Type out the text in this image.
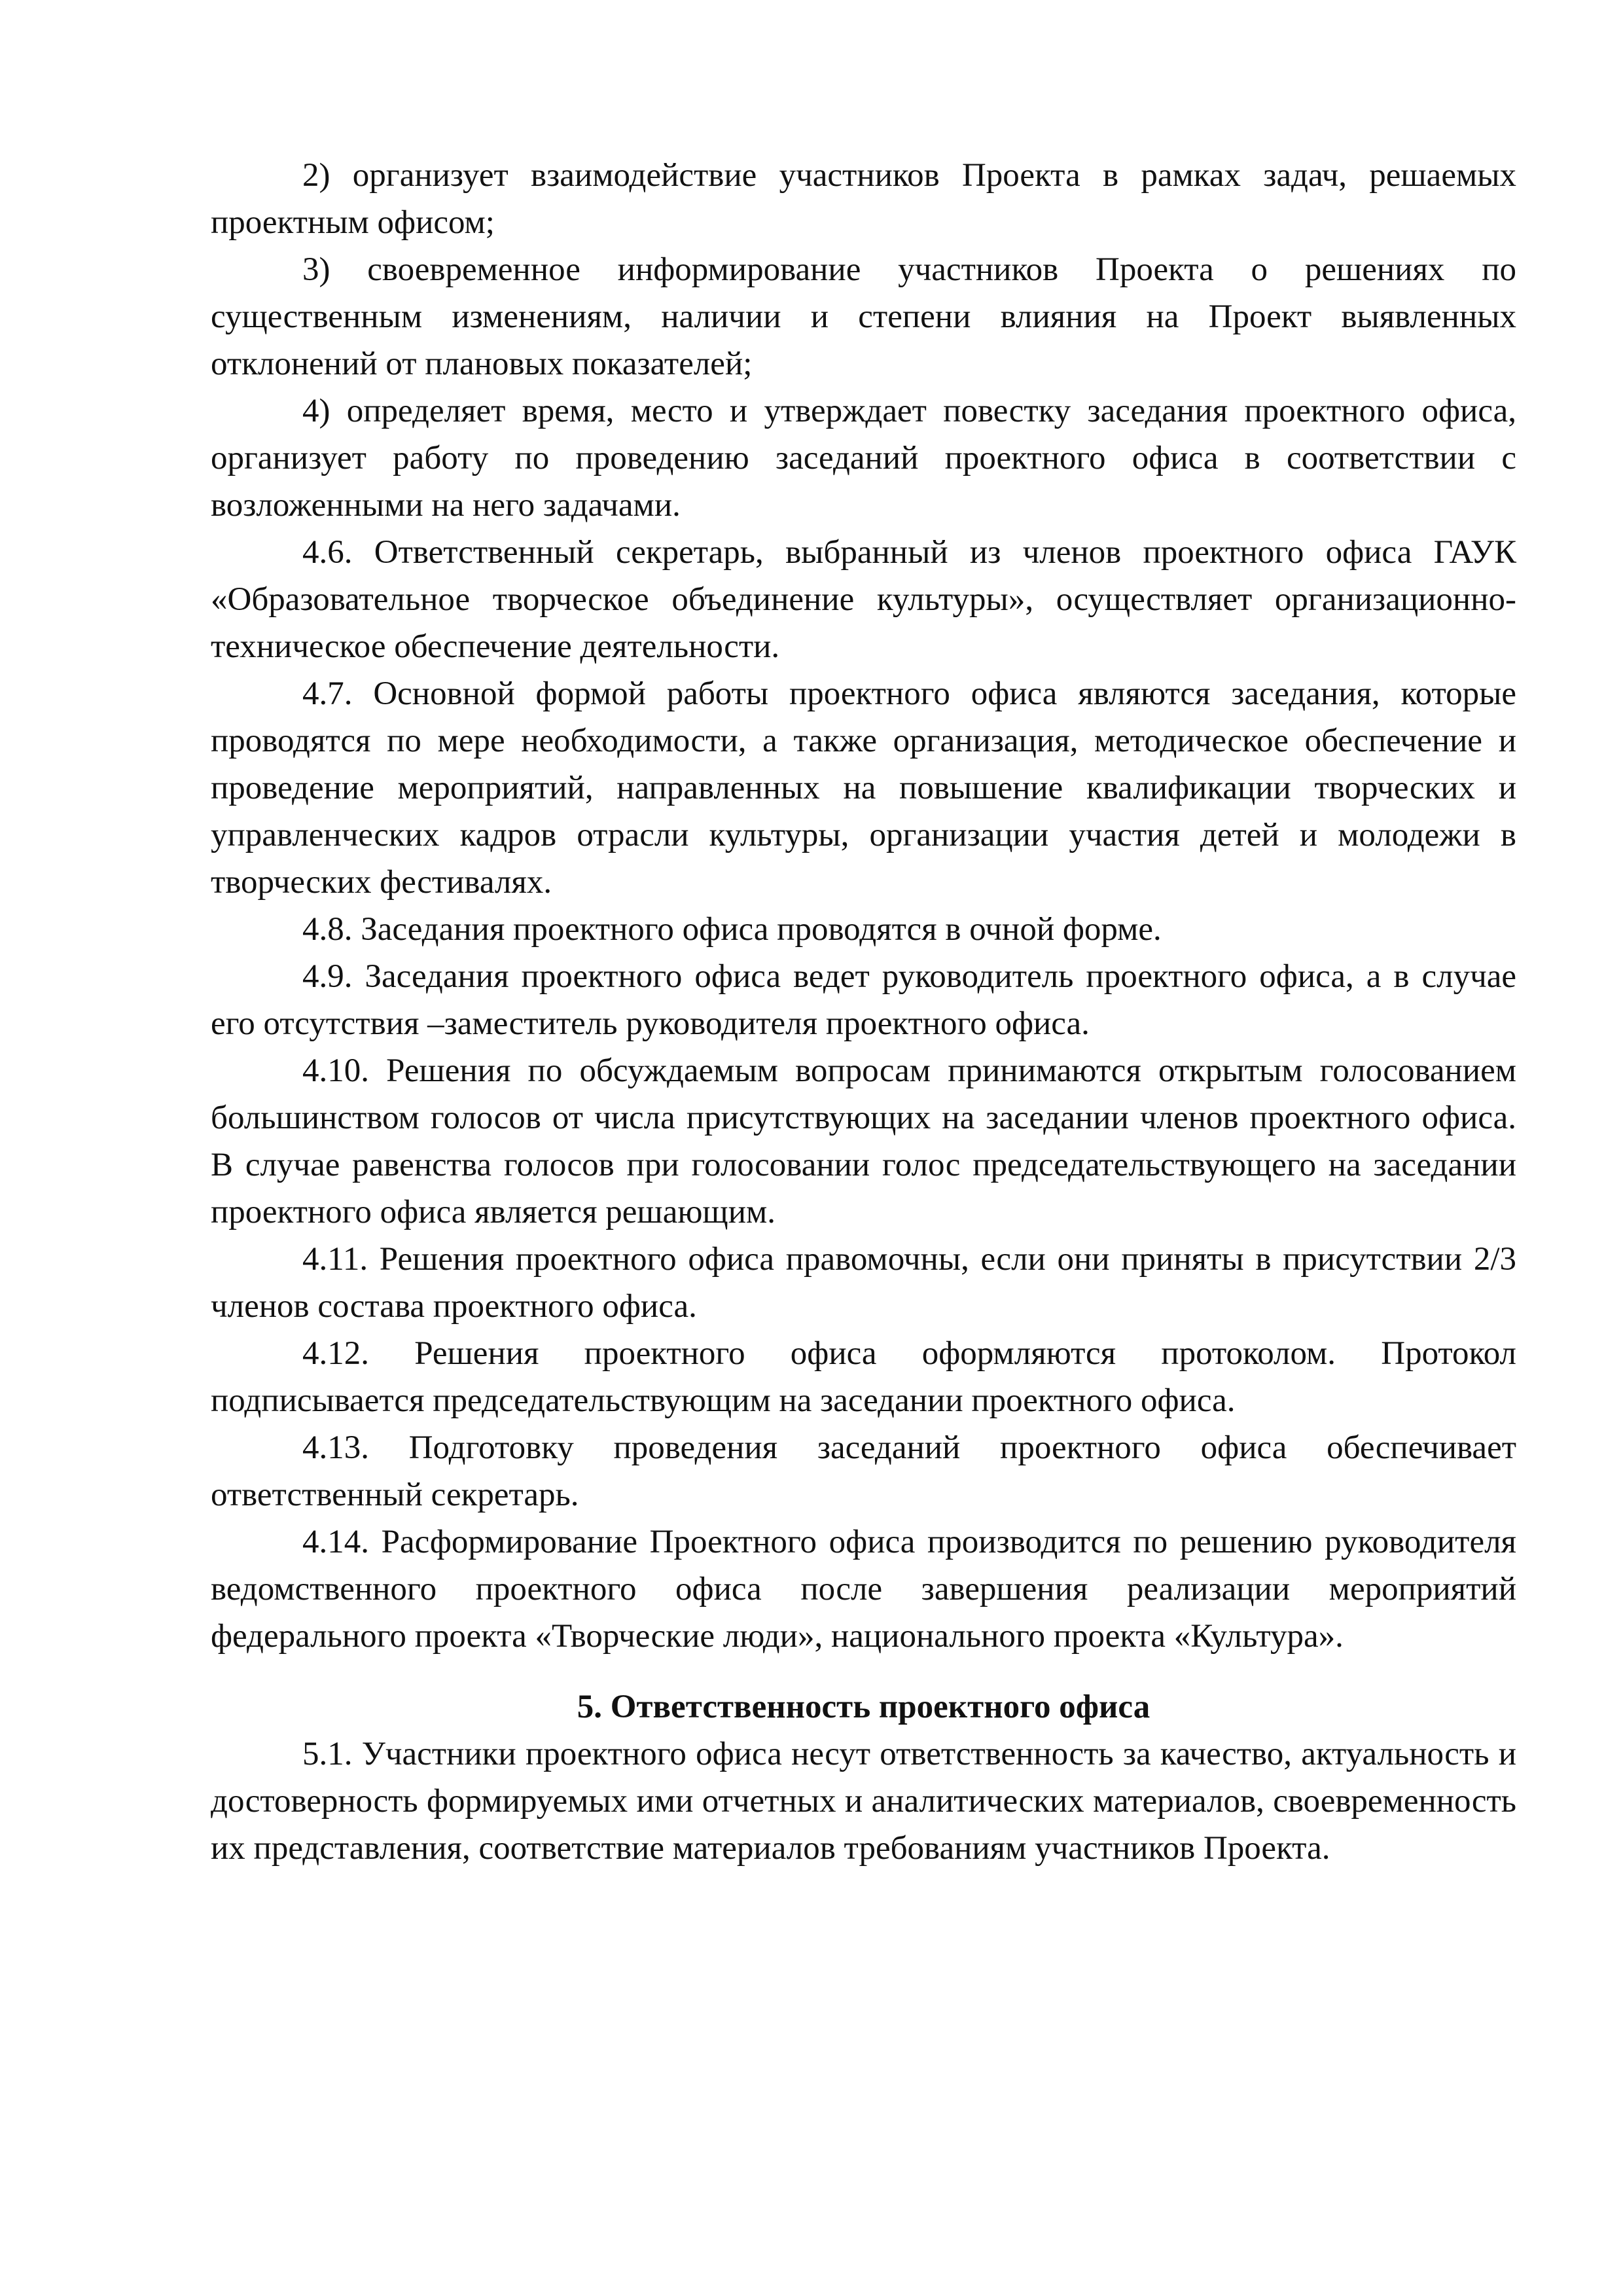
2) организует взаимодействие участников Проекта в рамках задач, решаемых проектным офисом;

3) своевременное информирование участников Проекта о решениях по существенным изменениям, наличии и степени влияния на Проект выявленных отклонений от плановых показателей;

4) определяет время, место и утверждает повестку заседания проектного офиса, организует работу по проведению заседаний проектного офиса в соответствии с возложенными на него задачами.

4.6. Ответственный секретарь, выбранный из членов проектного офиса ГАУК «Образовательное творческое объединение культуры», осуществляет организационно-техническое обеспечение деятельности.

4.7. Основной формой работы проектного офиса являются заседания, которые проводятся по мере необходимости, а также организация, методическое обеспечение и проведение мероприятий, направленных на повышение квалификации творческих и управленческих кадров отрасли культуры, организации участия детей и молодежи в творческих фестивалях.

4.8. Заседания проектного офиса проводятся в очной форме.

4.9. Заседания проектного офиса ведет руководитель проектного офиса, а в случае его отсутствия –заместитель руководителя проектного офиса.

4.10. Решения по обсуждаемым вопросам принимаются открытым голосованием большинством голосов от числа присутствующих на заседании членов проектного офиса. В случае равенства голосов при голосовании голос председательствующего на заседании проектного офиса является решающим.

4.11. Решения проектного офиса правомочны, если они приняты в присутствии 2/3 членов состава проектного офиса.

4.12. Решения проектного офиса оформляются протоколом. Протокол подписывается председательствующим на заседании проектного офиса.

4.13. Подготовку проведения заседаний проектного офиса обеспечивает ответственный секретарь.

4.14. Расформирование Проектного офиса производится по решению руководителя ведомственного проектного офиса после завершения реализации мероприятий федерального проекта «Творческие люди», национального проекта «Культура».

5. Ответственность проектного офиса

5.1. Участники проектного офиса несут ответственность за качество, актуальность и достоверность формируемых ими отчетных и аналитических материалов, своевременность их представления, соответствие материалов требованиям участников Проекта.
